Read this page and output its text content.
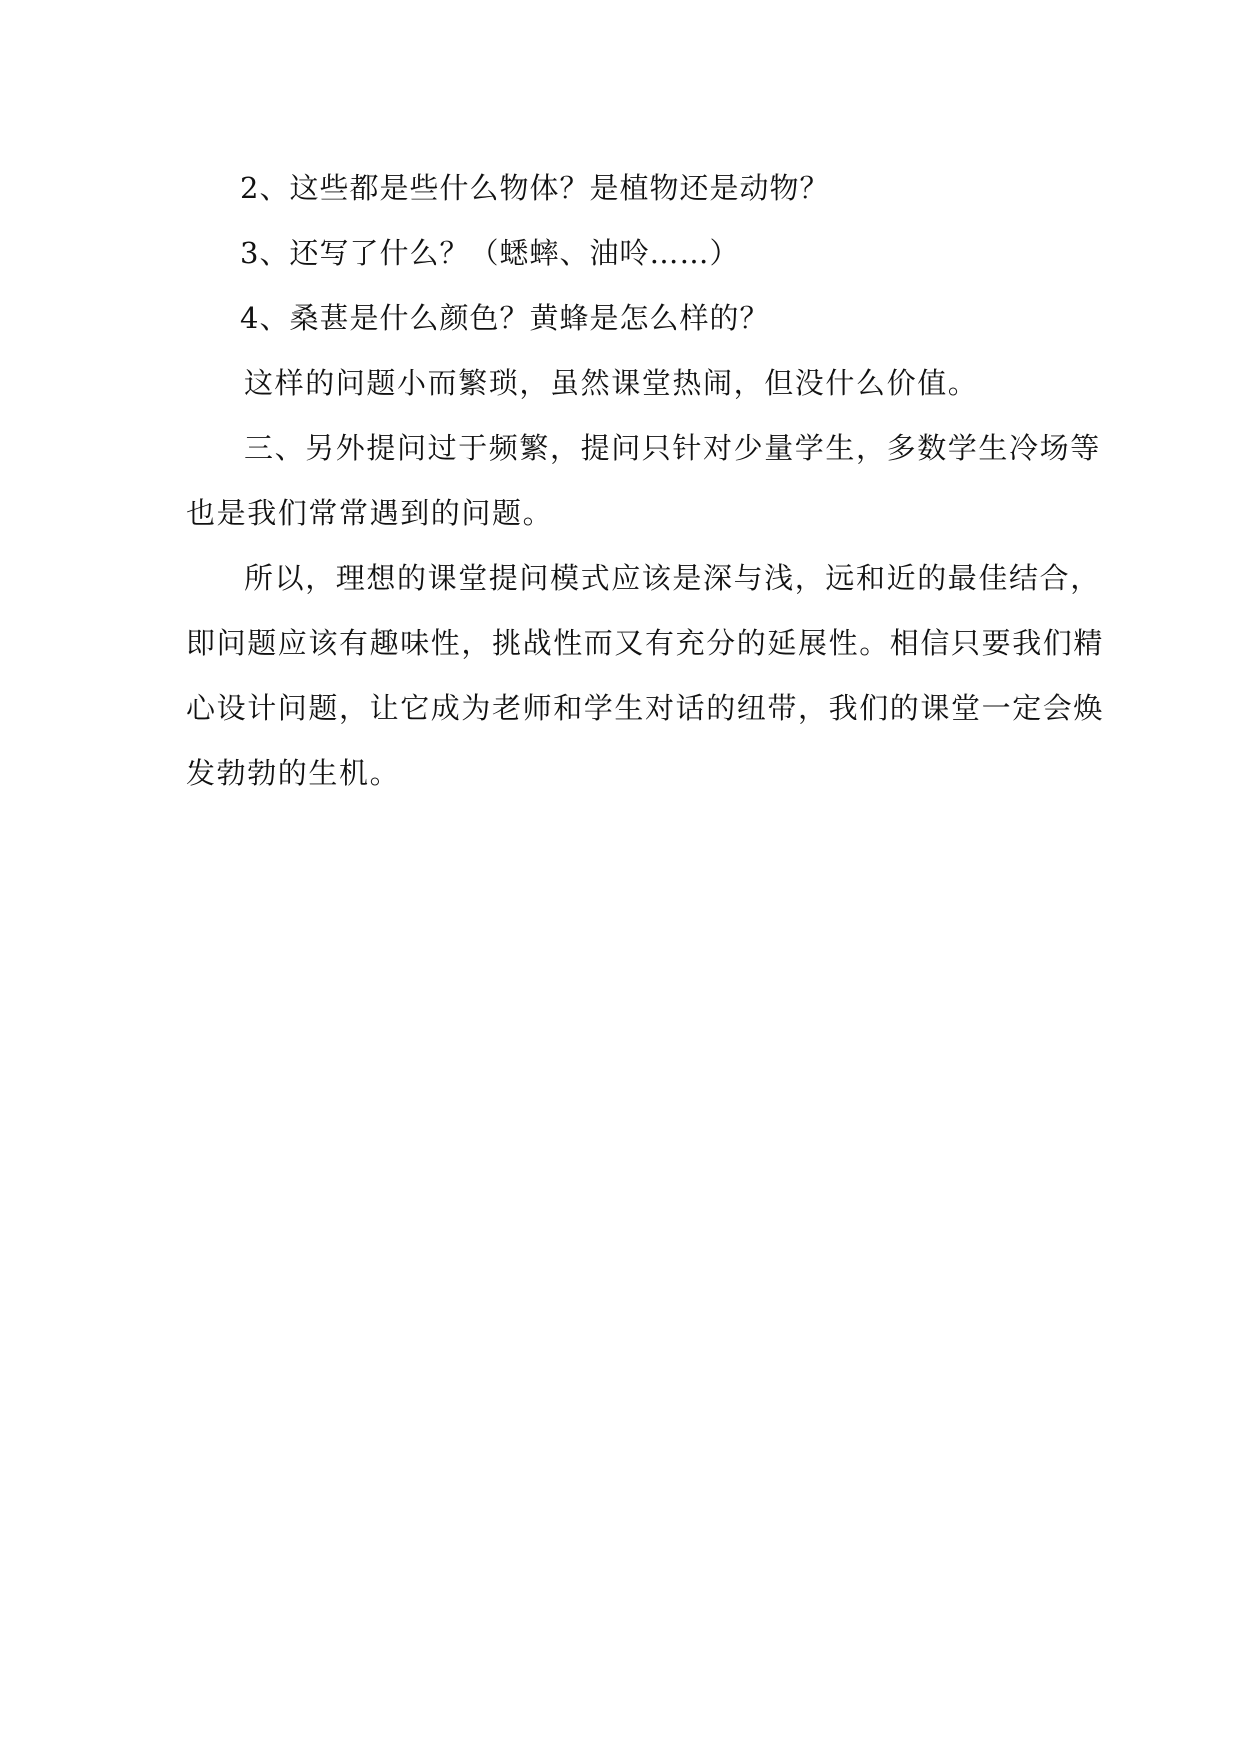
2、这些都是些什么物体？是植物还是动物？
3、还写了什么？（蟋蟀、油呤……）
4、桑葚是什么颜色？黄蜂是怎么样的？
这样的问题小而繁琐，虽然课堂热闹，但没什么价值。
三、另外提问过于频繁，提问只针对少量学生，多数学生冷场等
也是我们常常遇到的问题。
所以，理想的课堂提问模式应该是深与浅，远和近的最佳结合，
即问题应该有趣味性，挑战性而又有充分的延展性。相信只要我们精
心设计问题，让它成为老师和学生对话的纽带，我们的课堂一定会焕
发勃勃的生机。
